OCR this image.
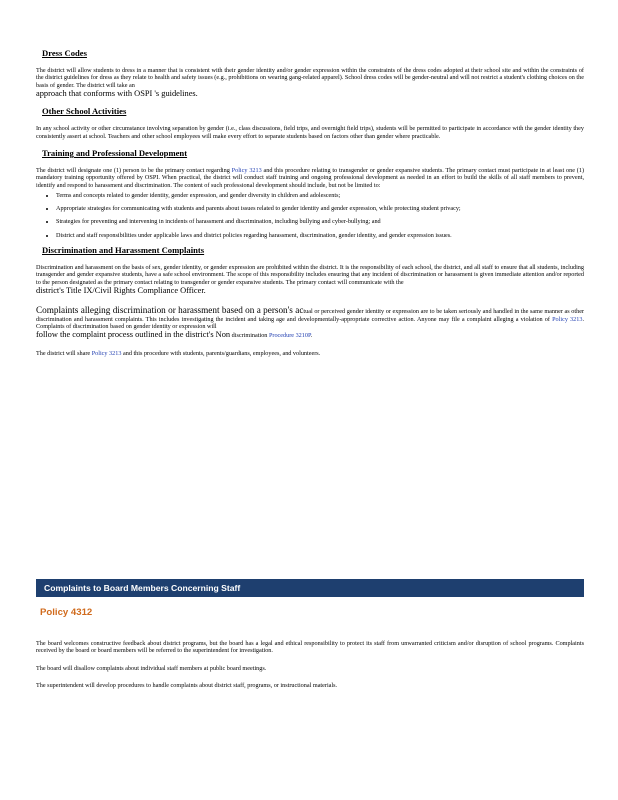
Dress Codes

The district will allow students to dress in a manner that is consistent with their gender identity and/or gender expression within the constraints of the dress codes adopted at their school site and within the constraints of the district guidelines for dress as they relate to health and safety issues (e.g., prohibitions on wearing gang-related apparel). School dress codes will be gender-neutral and will not restrict a student's clothing choices on the basis of gender. The district will take an

approach that conforms with OSPI 's guidelines.

Other School Activities

In any school activity or other circumstance involving separation by gender (i.e., class discussions, field trips, and overnight field trips), students will be permitted to participate in accordance with the gender identity they consistently assert at school. Teachers and other school employees will make every effort to separate students based on factors other than gender where practicable.

Training and Professional Development

The district will designate one (1) person to be the primary contact regarding Policy 3213 and this procedure relating to transgender or gender expansive students. The primary contact must participate in at least one (1) mandatory training opportunity offered by OSPI. When practical, the district will conduct staff training and ongoing professional development as needed in an effort to build the skills of all staff members to prevent, identify and respond to harassment and discrimination. The content of such professional development should include, but not be limited to:

• Terms and concepts related to gender identity, gender expression, and gender diversity in children and adolescents;
• Appropriate strategies for communicating with students and parents about issues related to gender identity and gender expression, while protecting student privacy;
• Strategies for preventing and intervening in incidents of harassment and discrimination, including bullying and cyber-bullying; and
• District and staff responsibilities under applicable laws and district policies regarding harassment, discrimination, gender identity, and gender expression issues.
Discrimination and Harassment Complaints

Discrimination and harassment on the basis of sex, gender identity, or gender expression are prohibited within the district. It is the responsibility of each school, the district, and all staff to ensure that all students, including transgender and gender expansive students, have a safe school environment. The scope of this responsibility includes ensuring that any incident of discrimination or harassment is given immediate attention and/or reported to the person designated as the primary contact relating to transgender or gender expansive students. The primary contact will communicate with the

district's Title IX/Civil Rights Compliance Officer.

Complaints alleging discrimination or harassment based on a person's actual or perceived gender identity or expression are to be taken seriously and handled in the same manner as other discrimination and harassment complaints. This includes investigating the incident and taking age and developmentally-appropriate corrective action. Anyone may file a complaint alleging a violation of Policy 3213. Complaints of discrimination based on gender identity or expression will

follow the complaint process outlined in the district's Non discrimination Procedure 3210P.

The district will share Policy 3213 and this procedure with students, parents/guardians, employees, and volunteers.

Complaints to Board Members Concerning Staff
Policy 4312

The board welcomes constructive feedback about district programs, but the board has a legal and ethical responsibility to protect its staff from unwarranted criticism and/or disruption of school programs. Complaints received by the board or board members will be referred to the superintendent for investigation.

The board will disallow complaints about individual staff members at public board meetings.

The superintendent will develop procedures to handle complaints about district staff, programs, or instructional materials.
